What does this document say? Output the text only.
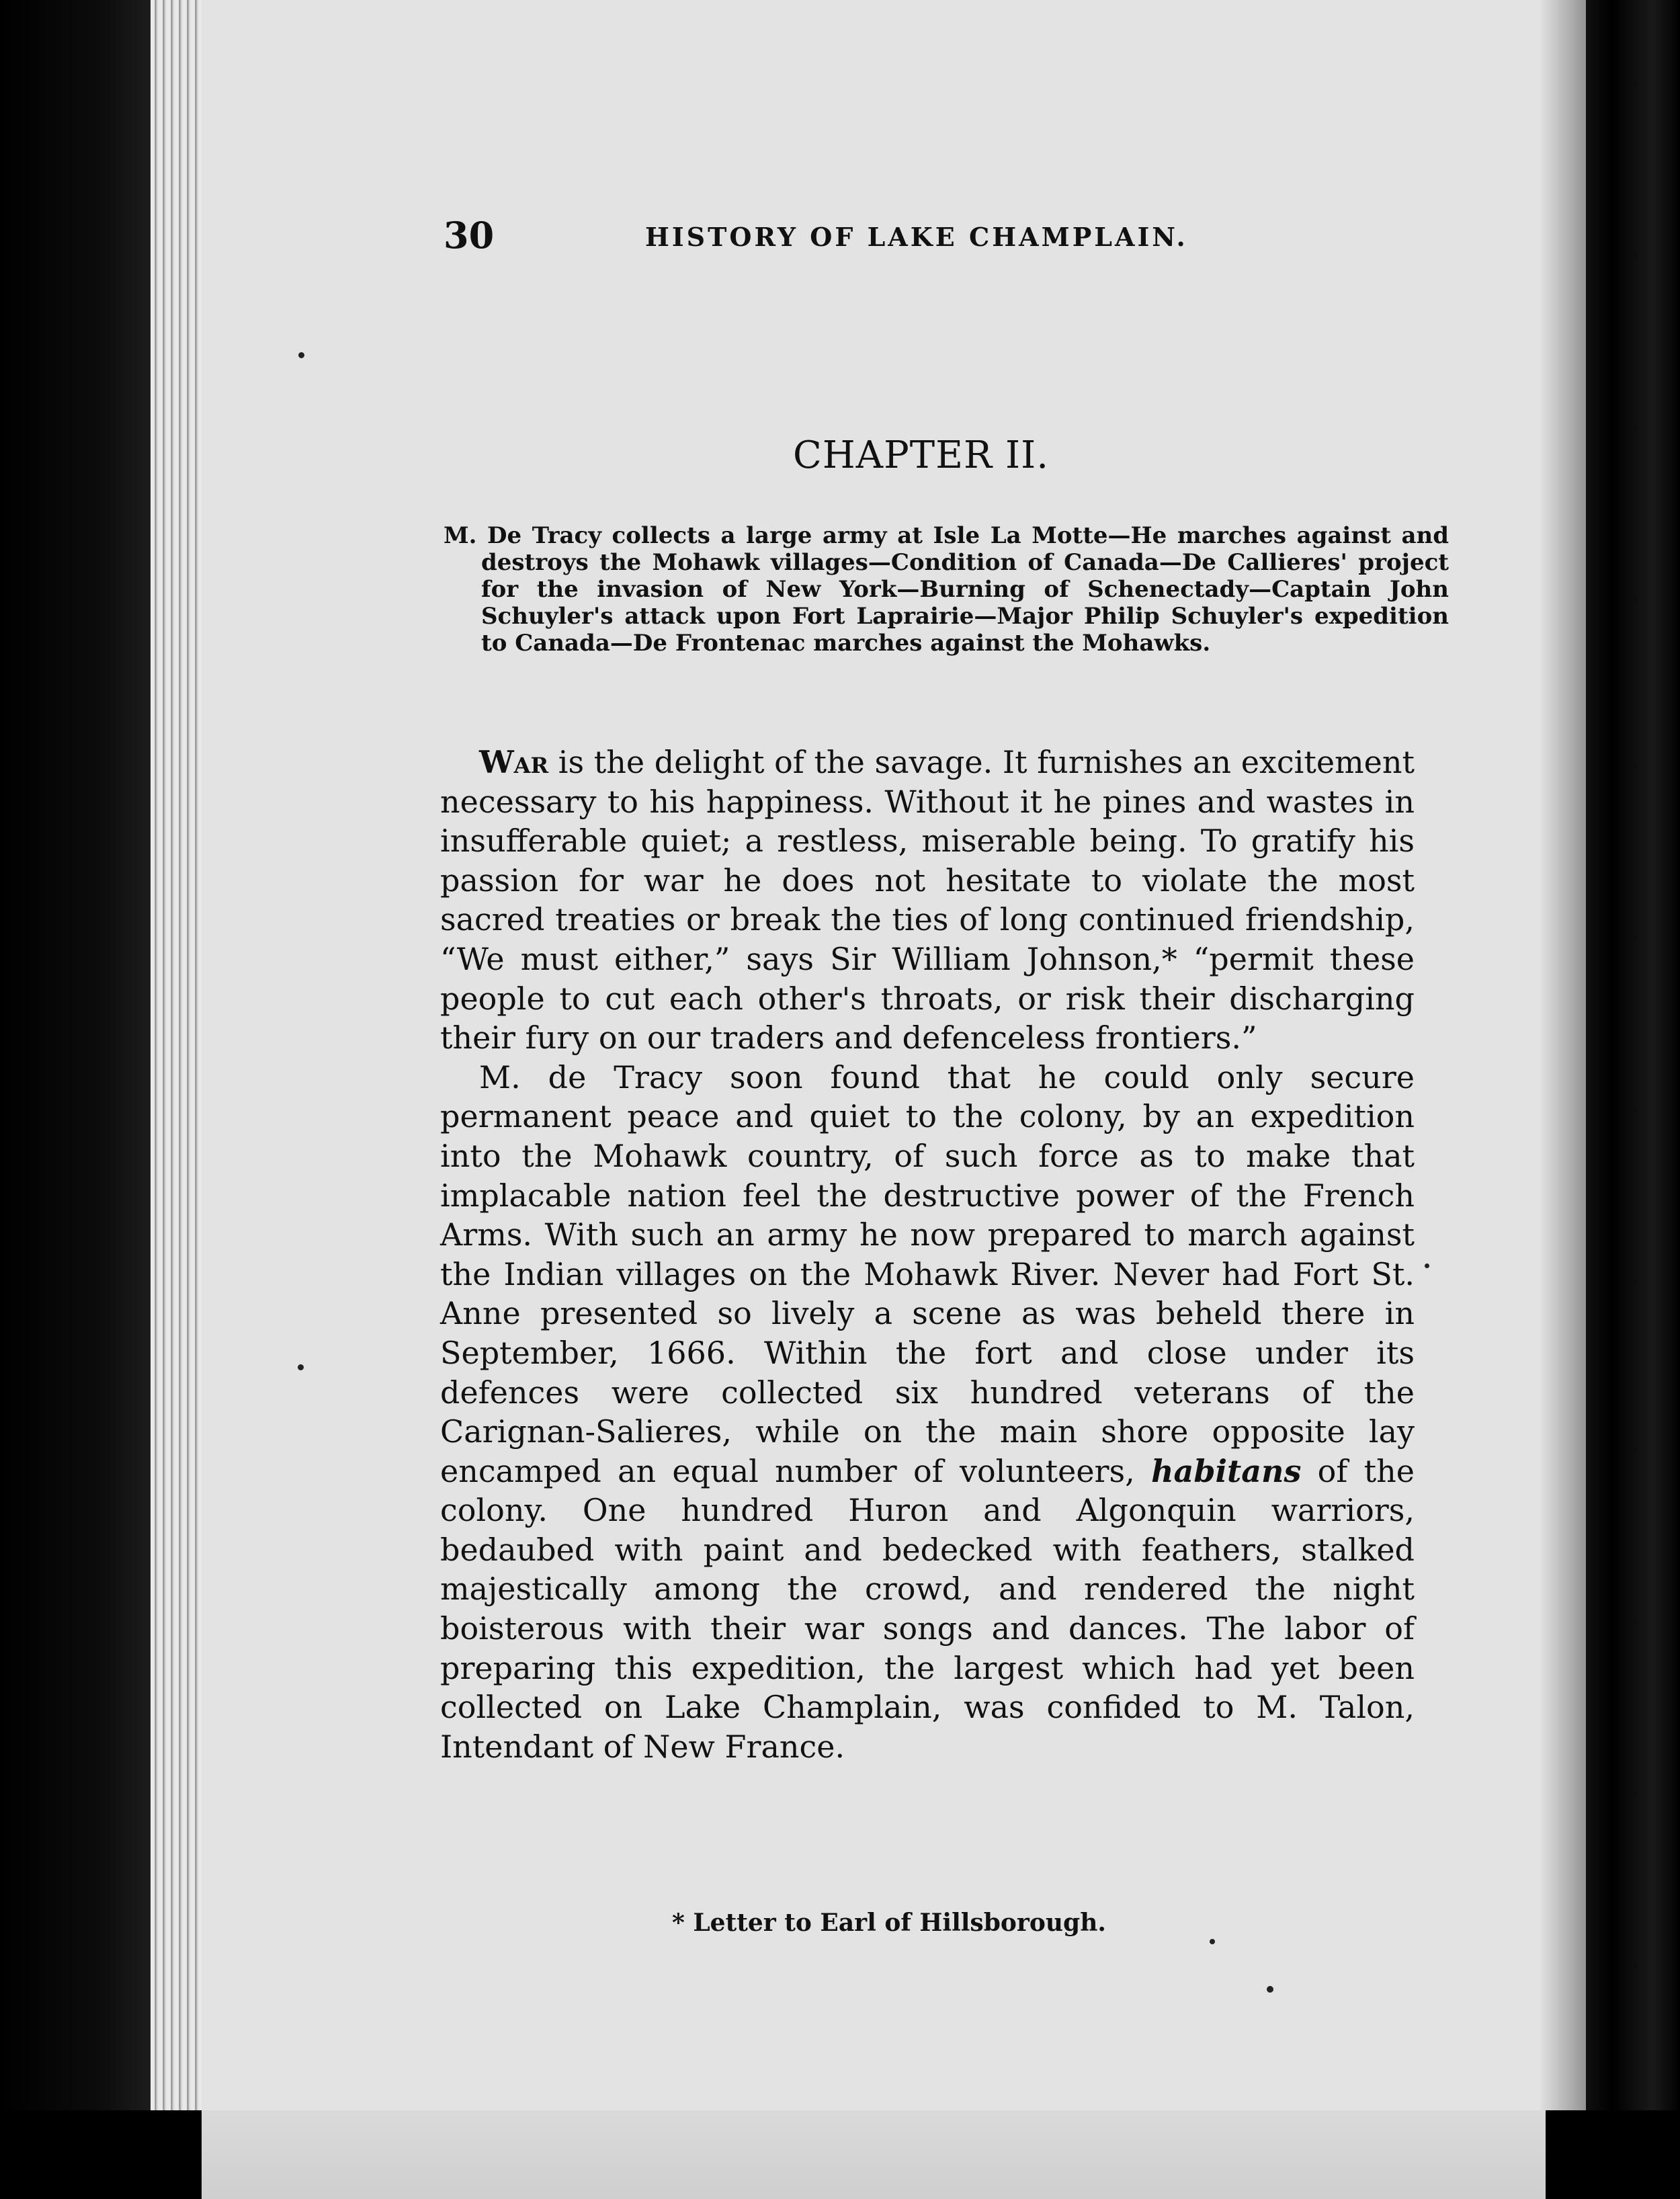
30	HISTORY OF LAKE CHAMPLAIN.
CHAPTER II.

M. De Tracy collects a large army at Isle La Motte—He marches against and destroys the Mohawk villages—Condition of Canada—De Callieres' project for the invasion of New York—Burning of Schenectady—Captain John Schuyler's attack upon Fort Laprairie—Major Philip Schuyler's expedition to Canada—De Frontenac marches against the Mohawks.

War is the delight of the savage. It furnishes an excitement necessary to his happiness. Without it he pines and wastes in insufferable quiet; a restless, miserable being. To gratify his passion for war he does not hesitate to violate the most sacred treaties or break the ties of long continued friendship, “We must either,” says Sir William Johnson,* “permit these people to cut each other's throats, or risk their discharging their fury on our traders and defenceless frontiers.”

M. de Tracy soon found that he could only secure permanent peace and quiet to the colony, by an expedition into the Mohawk country, of such force as to make that implacable nation feel the destructive power of the French Arms. With such an army he now prepared to march against the Indian villages on the Mohawk River. Never had Fort St. Anne presented so lively a scene as was beheld there in September, 1666. Within the fort and close under its defences were collected six hundred veterans of the Carignan-Salieres, while on the main shore opposite lay encamped an equal number of volunteers, habitans of the colony. One hundred Huron and Algonquin warriors, bedaubed with paint and bedecked with feathers, stalked majestically among the crowd, and rendered the night boisterous with their war songs and dances. The labor of preparing this expedition, the largest which had yet been collected on Lake Champlain, was confided to M. Talon, Intendant of New France.

* Letter to Earl of Hillsborough.
